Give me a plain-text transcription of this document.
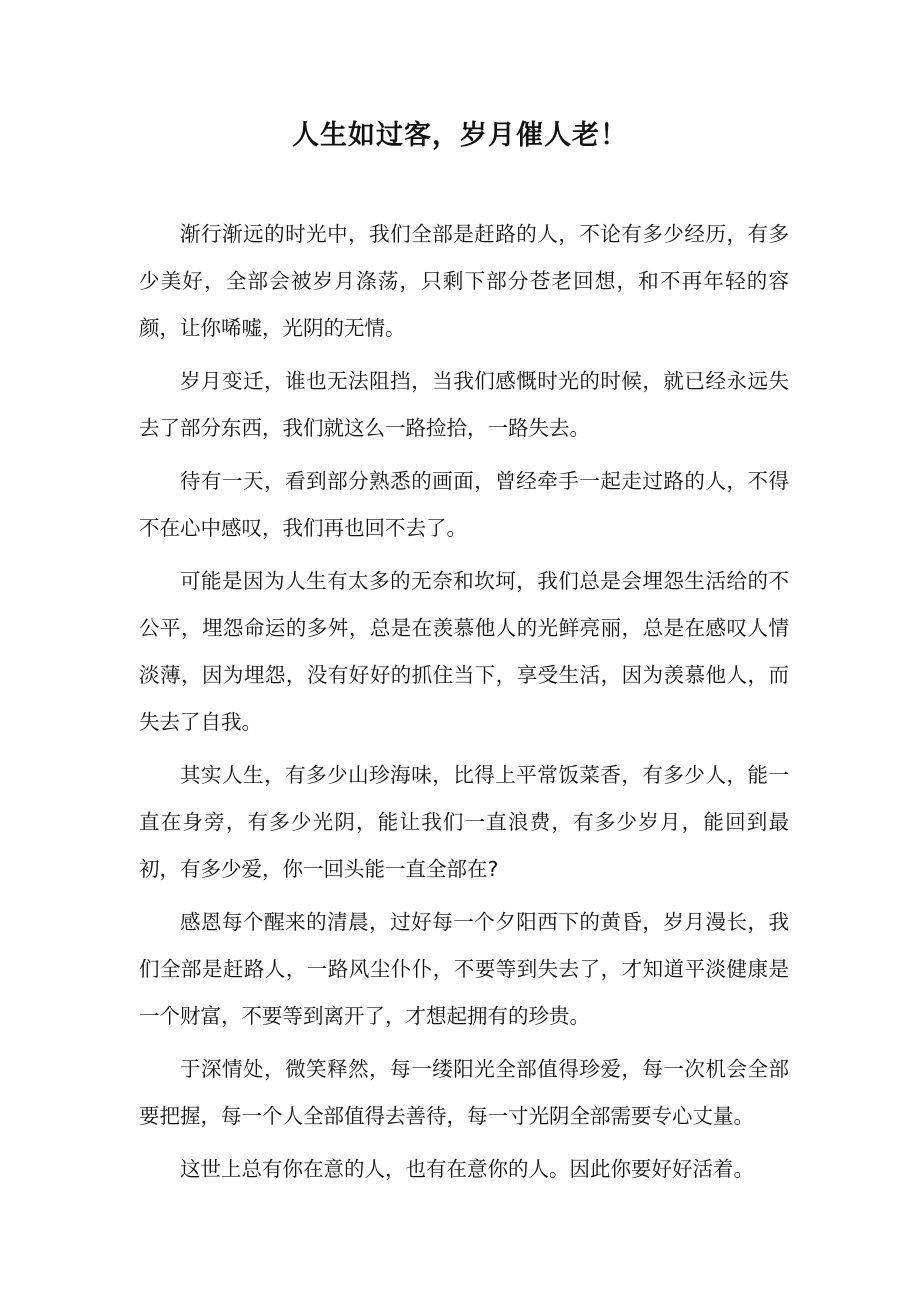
人生如过客，岁月催人老！

渐行渐远的时光中，我们全部是赶路的人，不论有多少经历，有多少美好，全部会被岁月涤荡，只剩下部分苍老回想，和不再年轻的容颜，让你唏嘘，光阴的无情。

岁月变迁，谁也无法阻挡，当我们感慨时光的时候，就已经永远失去了部分东西，我们就这么一路捡拾，一路失去。

待有一天，看到部分熟悉的画面，曾经牵手一起走过路的人，不得不在心中感叹，我们再也回不去了。

可能是因为人生有太多的无奈和坎坷，我们总是会埋怨生活给的不公平，埋怨命运的多舛，总是在羡慕他人的光鲜亮丽，总是在感叹人情淡薄，因为埋怨，没有好好的抓住当下，享受生活，因为羡慕他人，而失去了自我。

其实人生，有多少山珍海味，比得上平常饭菜香，有多少人，能一直在身旁，有多少光阴，能让我们一直浪费，有多少岁月，能回到最初，有多少爱，你一回头能一直全部在?

感恩每个醒来的清晨，过好每一个夕阳西下的黄昏，岁月漫长，我们全部是赶路人，一路风尘仆仆，不要等到失去了，才知道平淡健康是一个财富，不要等到离开了，才想起拥有的珍贵。

于深情处，微笑释然，每一缕阳光全部值得珍爱，每一次机会全部要把握，每一个人全部值得去善待，每一寸光阴全部需要专心丈量。

这世上总有你在意的人，也有在意你的人。因此你要好好活着。
